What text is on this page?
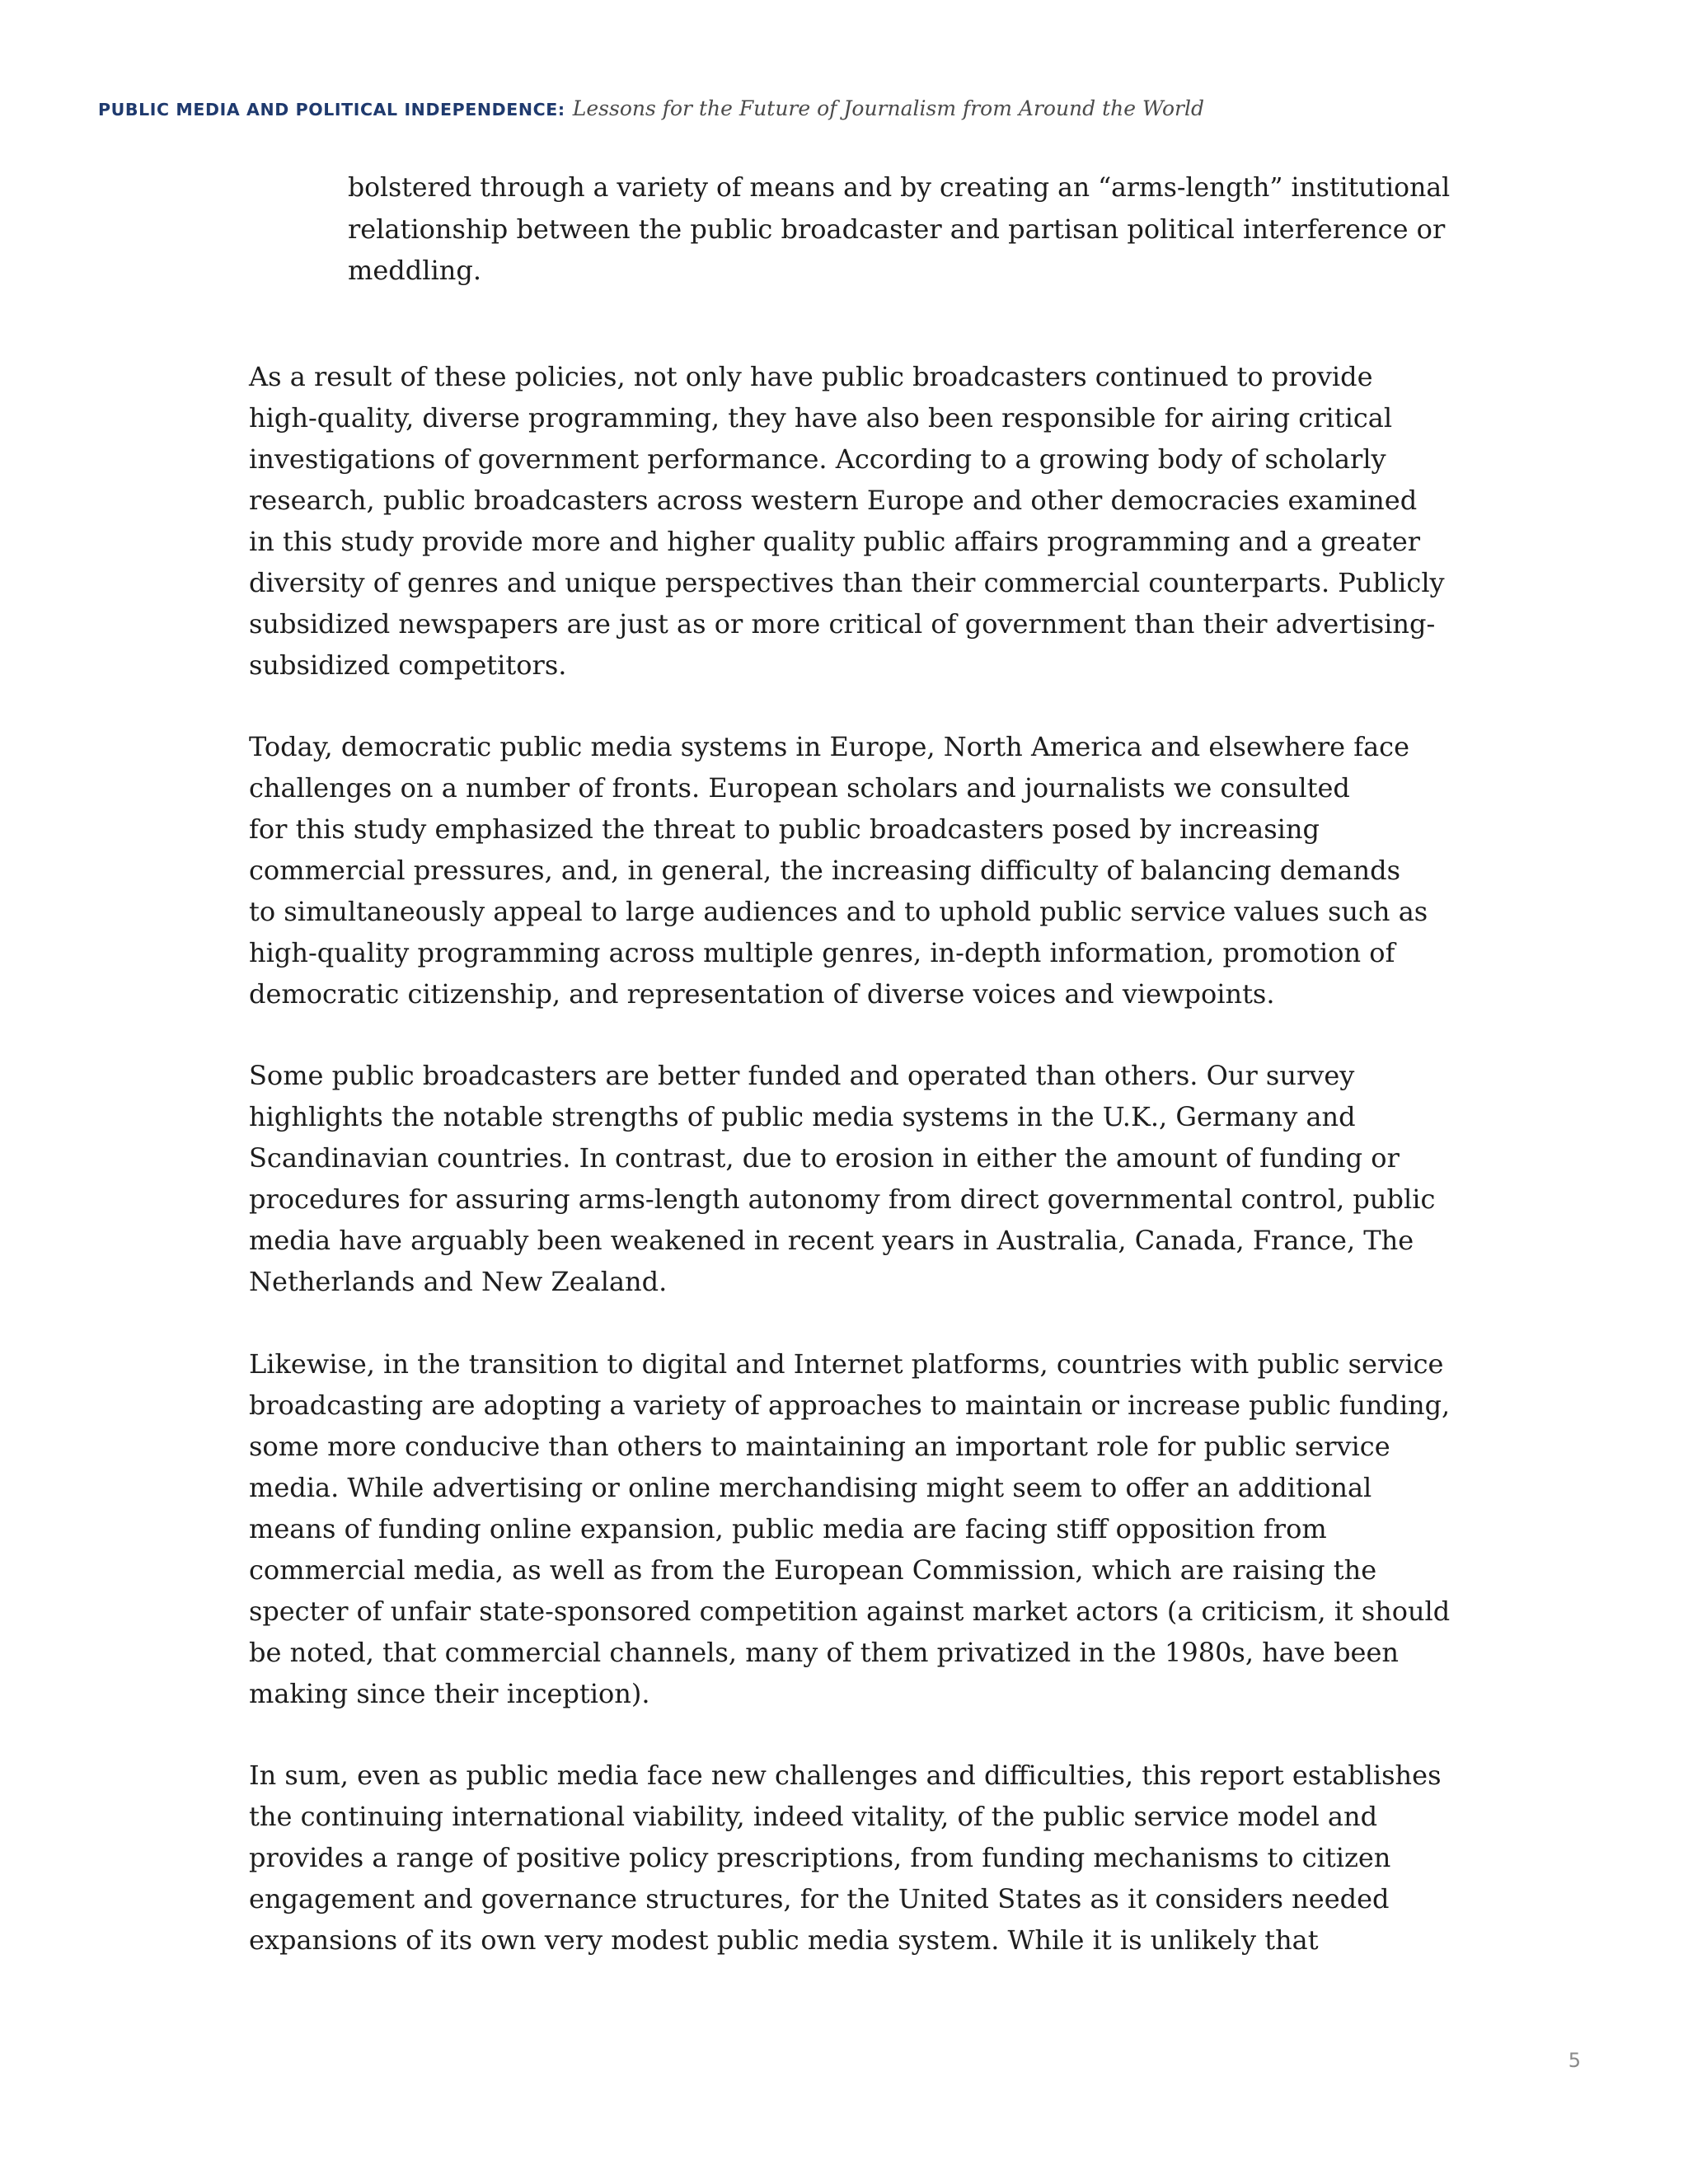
PUBLIC MEDIA AND POLITICAL INDEPENDENCE: Lessons for the Future of Journalism from Around the World
bolstered through a variety of means and by creating an “arms-length” institutional
relationship between the public broadcaster and partisan political interference or
meddling.
As a result of these policies, not only have public broadcasters continued to provide
high-quality, diverse programming, they have also been responsible for airing critical
investigations of government performance. According to a growing body of scholarly
research, public broadcasters across western Europe and other democracies examined
in this study provide more and higher quality public affairs programming and a greater
diversity of genres and unique perspectives than their commercial counterparts. Publicly
subsidized newspapers are just as or more critical of government than their advertising-
subsidized competitors.
Today, democratic public media systems in Europe, North America and elsewhere face
challenges on a number of fronts. European scholars and journalists we consulted
for this study emphasized the threat to public broadcasters posed by increasing
commercial pressures, and, in general, the increasing difficulty of balancing demands
to simultaneously appeal to large audiences and to uphold public service values such as
high-quality programming across multiple genres, in-depth information, promotion of
democratic citizenship, and representation of diverse voices and viewpoints.
Some public broadcasters are better funded and operated than others. Our survey
highlights the notable strengths of public media systems in the U.K., Germany and
Scandinavian countries. In contrast, due to erosion in either the amount of funding or
procedures for assuring arms-length autonomy from direct governmental control, public
media have arguably been weakened in recent years in Australia, Canada, France, The
Netherlands and New Zealand.
Likewise, in the transition to digital and Internet platforms, countries with public service
broadcasting are adopting a variety of approaches to maintain or increase public funding,
some more conducive than others to maintaining an important role for public service
media. While advertising or online merchandising might seem to offer an additional
means of funding online expansion, public media are facing stiff opposition from
commercial media, as well as from the European Commission, which are raising the
specter of unfair state-sponsored competition against market actors (a criticism, it should
be noted, that commercial channels, many of them privatized in the 1980s, have been
making since their inception).
In sum, even as public media face new challenges and difficulties, this report establishes
the continuing international viability, indeed vitality, of the public service model and
provides a range of positive policy prescriptions, from funding mechanisms to citizen
engagement and governance structures, for the United States as it considers needed
expansions of its own very modest public media system. While it is unlikely that
5
